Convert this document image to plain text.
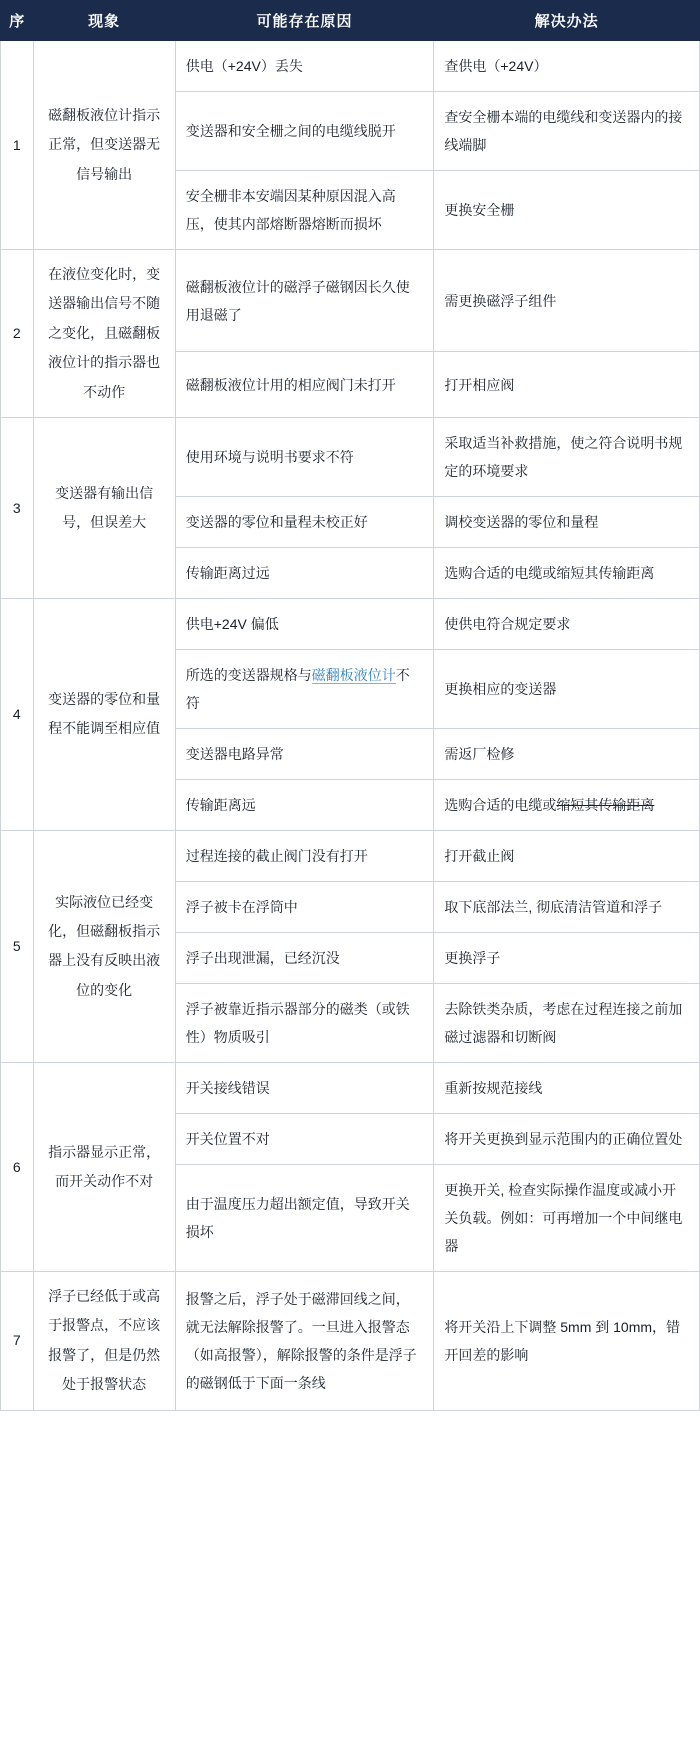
序	现象	可能存在原因	解决办法
1	磁翻板液位计指示正常，但变送器无信号输出	供电（+24V）丢失	查供电（+24V）
		变送器和安全栅之间的电缆线脱开	查安全栅本端的电缆线和变送器内的接线端脚
		安全栅非本安端因某种原因混入高压，使其内部熔断器熔断而损坏	更换安全栅
2	在液位变化时，变送器输出信号不随之变化，且磁翻板液位计的指示器也不动作	磁翻板液位计的磁浮子磁钢因长久使用退磁了	需更换磁浮子组件
		磁翻板液位计用的相应阀门未打开	打开相应阀
3	变送器有输出信号，但误差大	使用环境与说明书要求不符	采取适当补救措施，使之符合说明书规定的环境要求
		变送器的零位和量程未校正好	调校变送器的零位和量程
		传输距离过远	选购合适的电缆或缩短其传输距离
4	变送器的零位和量程不能调至相应值	供电+24V 偏低	使供电符合规定要求
		所选的变送器规格与磁翻板液位计不符	更换相应的变送器
		变送器电路异常	需返厂检修
		传输距离远	选购合适的电缆或缩短其传输距离
5	实际液位已经变化，但磁翻板指示器上没有反映出液位的变化	过程连接的截止阀门没有打开	打开截止阀
		浮子被卡在浮筒中	取下底部法兰, 彻底清洁管道和浮子
		浮子出现泄漏，已经沉没	更换浮子
		浮子被靠近指示器部分的磁类（或铁性）物质吸引	去除铁类杂质，考虑在过程连接之前加磁过滤器和切断阀
6	指示器显示正常，而开关动作不对	开关接线错误	重新按规范接线
		开关位置不对	将开关更换到显示范围内的正确位置处
		由于温度压力超出额定值，导致开关损坏	更换开关, 检查实际操作温度或减小开关负载。例如：可再增加一个中间继电器
7	浮子已经低于或高于报警点，不应该报警了，但是仍然处于报警状态	报警之后，浮子处于磁滞回线之间，就无法解除报警了。一旦进入报警态（如高报警），解除报警的条件是浮子的磁钢低于下面一条线	将开关沿上下调整 5mm 到 10mm，错开回差的影响
